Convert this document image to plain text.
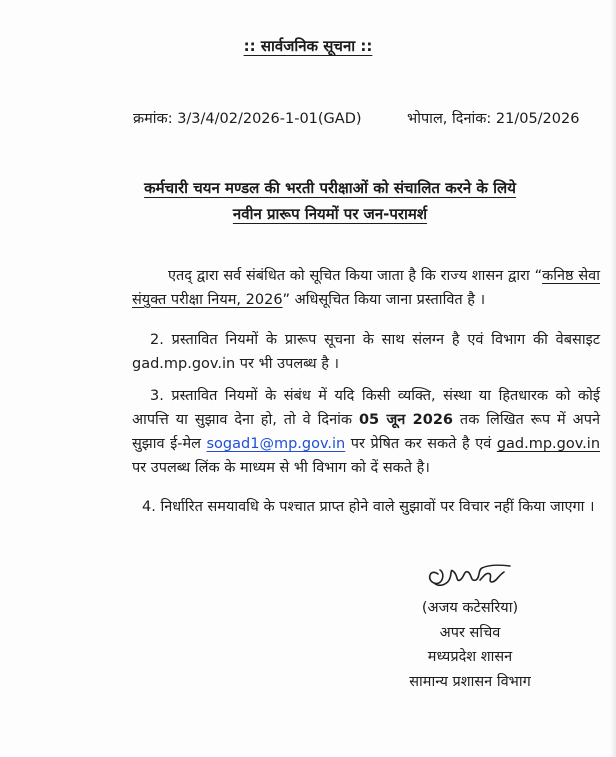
:: सार्वजनिक सूचना ::
क्रमांक: 3/3/4/02/2026-1-01(GAD)	भोपाल, दिनांक: 21/05/2026
कर्मचारी चयन मण्डल की भरती परीक्षाओं को संचालित करने के लिये
नवीन प्रारूप नियमों पर जन-परामर्श
एतद् द्वारा सर्व संबंधित को सूचित किया जाता है कि राज्य शासन द्वारा “कनिष्ठ सेवा संयुक्त परीक्षा नियम, 2026” अधिसूचित किया जाना प्रस्तावित है ।
2. प्रस्तावित नियमों के प्रारूप सूचना के साथ संलग्न है एवं विभाग की वेबसाइट gad.mp.gov.in पर भी उपलब्ध है ।
3. प्रस्तावित नियमों के संबंध में यदि किसी व्यक्ति, संस्था या हितधारक को कोई आपत्ति या सुझाव देना हो, तो वे दिनांक 05 जून 2026 तक लिखित रूप में अपने सुझाव ई-मेल sogad1@mp.gov.in पर प्रेषित कर सकते है एवं gad.mp.gov.in पर उपलब्ध लिंक के माध्यम से भी विभाग को दें सकते है।
4. निर्धारित समयावधि के पश्चात प्राप्त होने वाले सुझावों पर विचार नहीं किया जाएगा ।
(अजय कटेसरिया)
अपर सचिव
मध्यप्रदेश शासन
सामान्य प्रशासन विभाग
